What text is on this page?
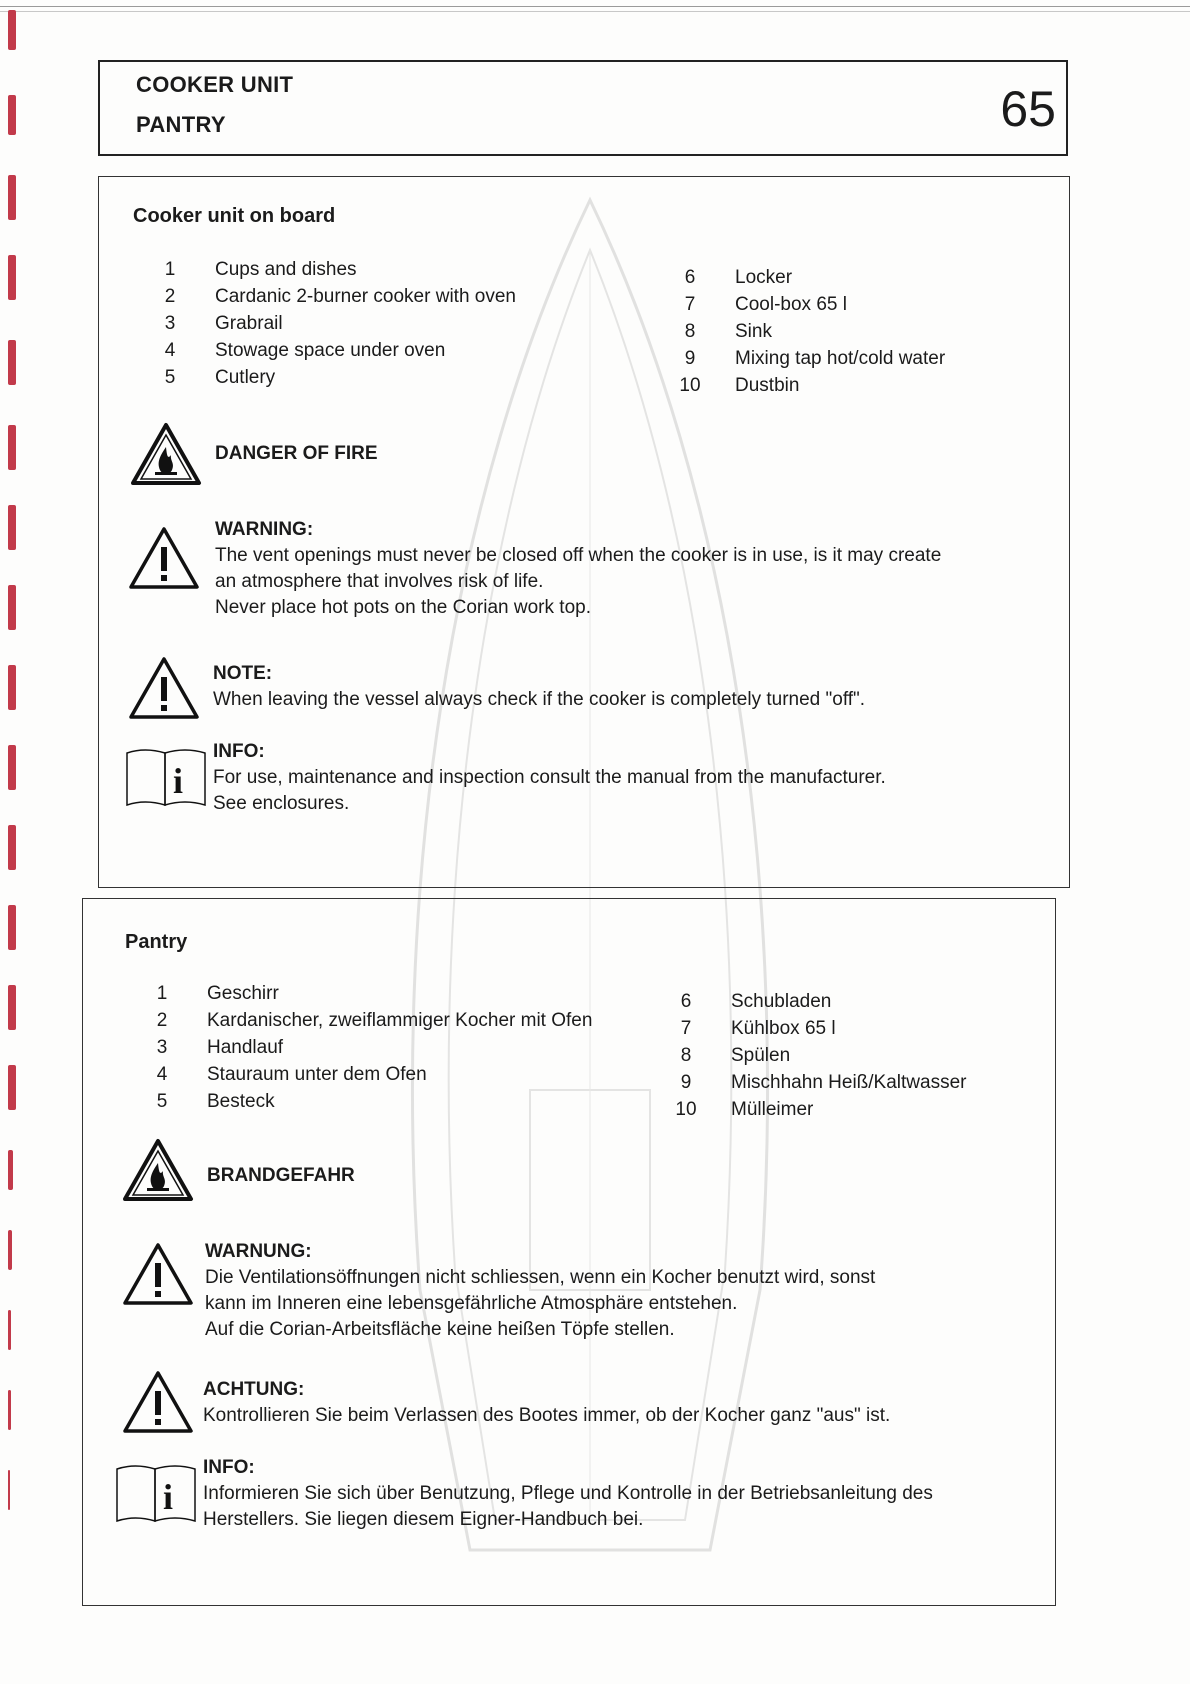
COOKER UNIT
PANTRY	65
Cooker unit on board
1	Cups and dishes
2	Cardanic 2-burner cooker with oven
3	Grabrail
4	Stowage space under oven
5	Cutlery
6	Locker
7	Cool-box 65 l
8	Sink
9	Mixing tap hot/cold water
10 Dustbin
DANGER OF FIRE
WARNING:
The vent openings must never be closed off when the cooker is in use, is it may create
an atmosphere that involves risk of life.
Never place hot pots on the Corian work top.
NOTE:
When leaving the vessel always check if the cooker is completely turned "off".
i
INFO:
For use, maintenance and inspection consult the manual from the manufacturer.
See enclosures.
Pantry
1	Geschirr
2	Kardanischer, zweiflammiger Kocher mit Ofen
3	Handlauf
4	Stauraum unter dem Ofen
5	Besteck
6	Schubladen
7	Kühlbox 65 l
8	Spülen
9	Mischhahn Heiß/Kaltwasser
10 Mülleimer
BRANDGEFAHR
WARNUNG:
Die Ventilationsöffnungen nicht schliessen, wenn ein Kocher benutzt wird, sonst
kann im Inneren eine lebensgefährliche Atmosphäre entstehen.
Auf die Corian-Arbeitsfläche keine heißen Töpfe stellen.
ACHTUNG:
Kontrollieren Sie beim Verlassen des Bootes immer, ob der Kocher ganz "aus" ist.
i
INFO:
Informieren Sie sich über Benutzung, Pflege und Kontrolle in der Betriebsanleitung des
Herstellers. Sie liegen diesem Eigner-Handbuch bei.
